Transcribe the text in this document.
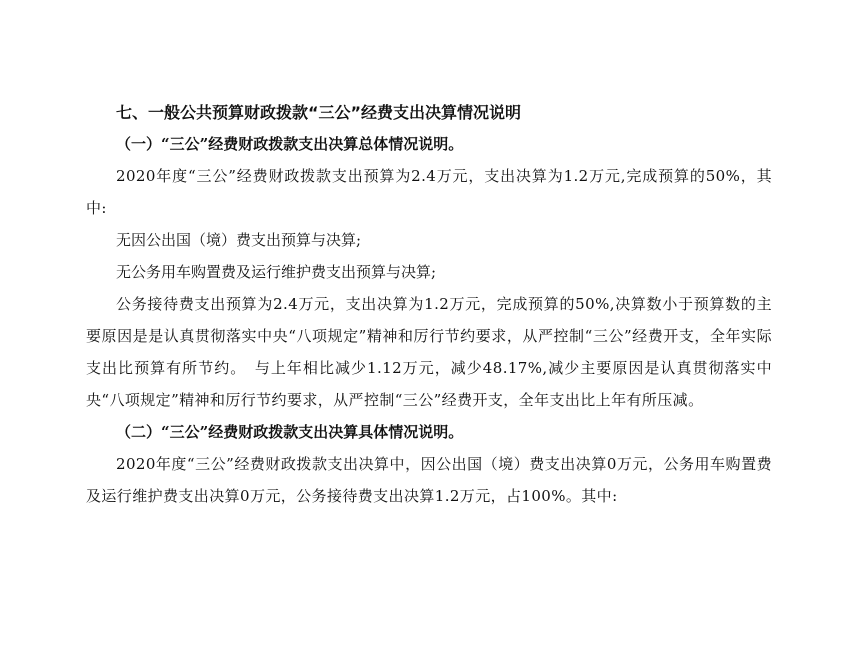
七、一般公共预算财政拨款“三公”经费支出决算情况说明
（一）“三公”经费财政拨款支出决算总体情况说明。

2020年度“三公”经费财政拨款支出预算为2.4万元，支出决算为1.2万元,完成预算的50%，其中:

无因公出国（境）费支出预算与决算;
无公务用车购置费及运行维护费支出预算与决算;

公务接待费支出预算为2.4万元，支出决算为1.2万元，完成预算的50%,决算数小于预算数的主要原因是是认真贯彻落实中央“八项规定”精神和厉行节约要求，从严控制“三公”经费开支，全年实际支出比预算有所节约。　与上年相比减少1.12万元，减少48.17%,减少主要原因是认真贯彻落实中央“八项规定”精神和厉行节约要求，从严控制“三公”经费开支，全年支出比上年有所压减。

（二）“三公”经费财政拨款支出决算具体情况说明。

2020年度“三公”经费财政拨款支出决算中，因公出国（境）费支出决算0万元，公务用车购置费及运行维护费支出决算0万元，公务接待费支出决算1.2万元，占100%。其中:
